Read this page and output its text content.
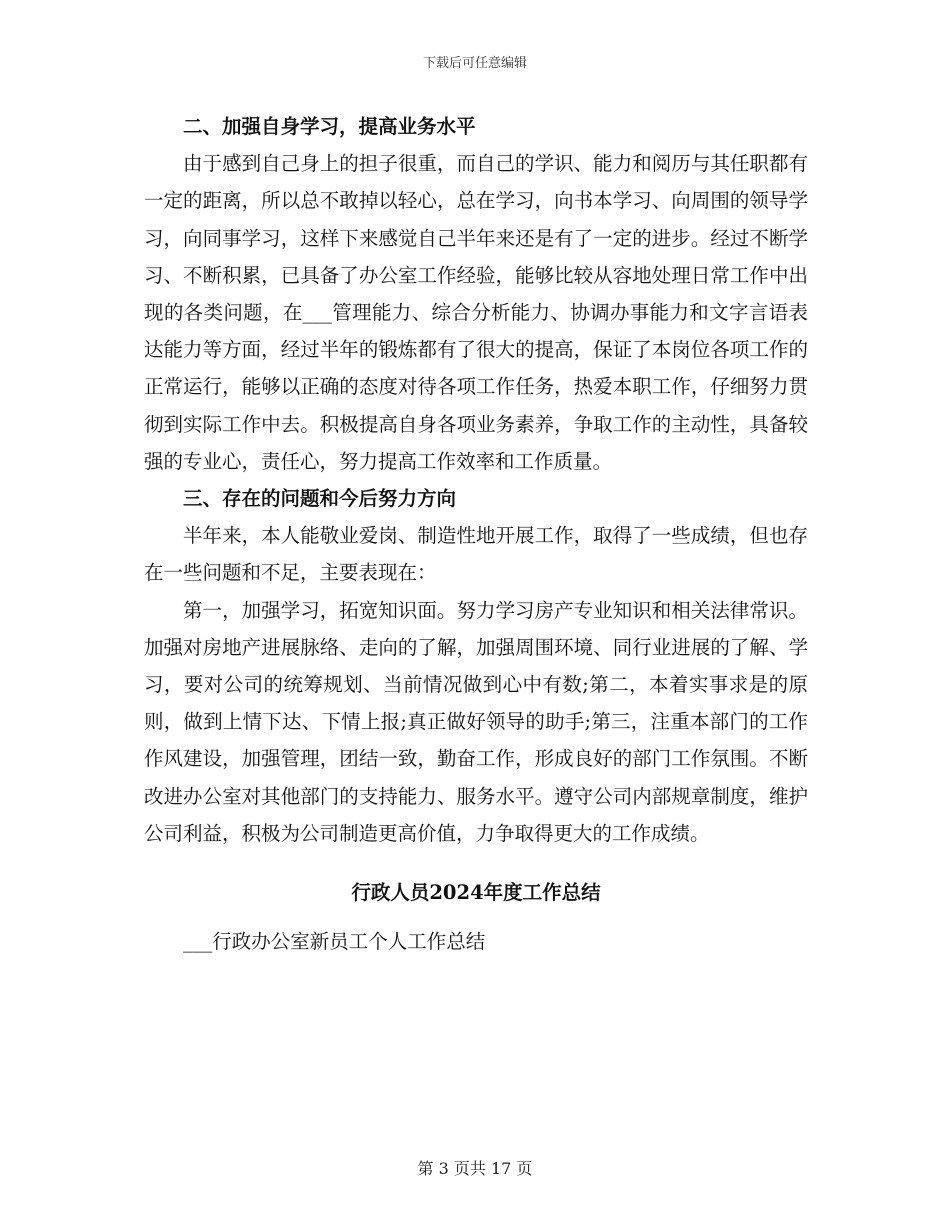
下载后可任意编辑

二、加强自身学习，提高业务水平

由于感到自己身上的担子很重，而自己的学识、能力和阅历与其任职都有一定的距离，所以总不敢掉以轻心，总在学习，向书本学习、向周围的领导学习，向同事学习，这样下来感觉自己半年来还是有了一定的进步。经过不断学习、不断积累，已具备了办公室工作经验，能够比较从容地处理日常工作中出现的各类问题，在___管理能力、综合分析能力、协调办事能力和文字言语表达能力等方面，经过半年的锻炼都有了很大的提高，保证了本岗位各项工作的正常运行，能够以正确的态度对待各项工作任务，热爱本职工作，仔细努力贯彻到实际工作中去。积极提高自身各项业务素养，争取工作的主动性，具备较强的专业心，责任心，努力提高工作效率和工作质量。

三、存在的问题和今后努力方向

半年来，本人能敬业爱岗、制造性地开展工作，取得了一些成绩，但也存在一些问题和不足，主要表现在：

第一，加强学习，拓宽知识面。努力学习房产专业知识和相关法律常识。加强对房地产进展脉络、走向的了解，加强周围环境、同行业进展的了解、学习，要对公司的统筹规划、当前情况做到心中有数;第二，本着实事求是的原则，做到上情下达、下情上报;真正做好领导的助手;第三，注重本部门的工作作风建设，加强管理，团结一致，勤奋工作，形成良好的部门工作氛围。不断改进办公室对其他部门的支持能力、服务水平。遵守公司内部规章制度，维护公司利益，积极为公司制造更高价值，力争取得更大的工作成绩。

行政人员2024年度工作总结

___行政办公室新员工个人工作总结

第 3 页共 17 页
